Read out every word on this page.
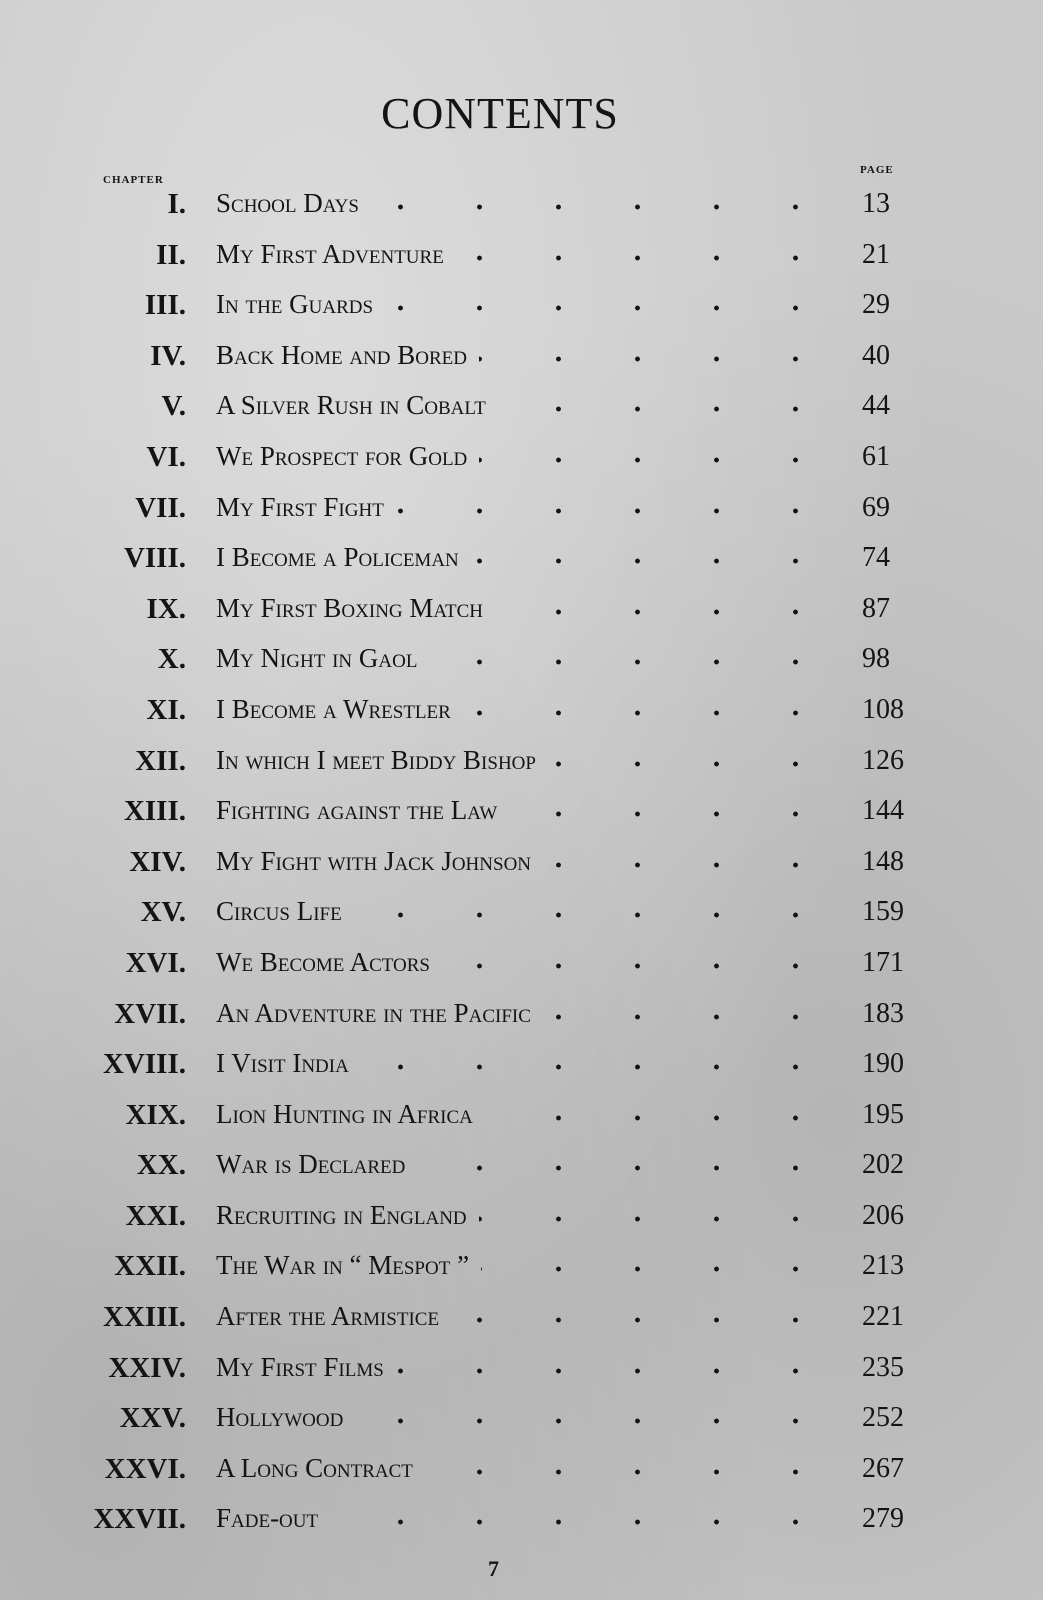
CONTENTS
CHAPTER
PAGE
I. School Days	13
II. My First Adventure	21
III. In the Guards	29
IV. Back Home and Bored	40
V. A Silver Rush in Cobalt	44
VI. We Prospect for Gold	61
VII. My First Fight	69
VIII. I Become a Policeman	74
IX. My First Boxing Match	87
X. My Night in Gaol	98
XI. I Become a Wrestler	108
XII. In which I meet Biddy Bishop	126
XIII. Fighting against the Law	144
XIV. My Fight with Jack Johnson	148
XV. Circus Life	159
XVI. We Become Actors	171
XVII. An Adventure in the Pacific	183
XVIII. I Visit India	190
XIX. Lion Hunting in Africa	195
XX. War is Declared	202
XXI. Recruiting in England	206
XXII. The War in “ Mespot ”	213
XXIII. After the Armistice	221
XXIV. My First Films	235
XXV. Hollywood	252
XXVI. A Long Contract	267
XXVII. Fade-out	279
7
